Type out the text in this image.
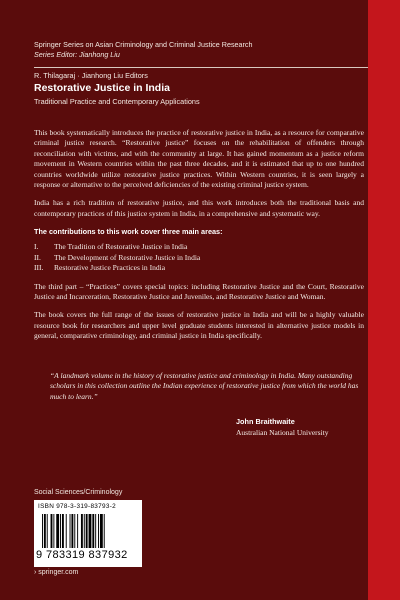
Springer Series on Asian Criminology and Criminal Justice Research
Series Editor: Jianhong Liu
R. Thilagaraj · Jianhong Liu Editors
Restorative Justice in India
Traditional Practice and Contemporary Applications

This book systematically introduces the practice of restorative justice in India, as a resource for comparative criminal justice research. “Restorative justice” focuses on the rehabilitation of offenders through reconciliation with victims, and with the community at large. It has gained momentum as a justice reform movement in Western countries within the past three decades, and it is estimated that up to one hundred countries worldwide utilize restorative justice practices. Within Western countries, it is seen largely a response or alternative to the perceived deficiencies of the existing criminal justice system.

India has a rich tradition of restorative justice, and this work introduces both the traditional basis and contemporary practices of this justice system in India, in a comprehensive and systematic way.

The contributions to this work cover three main areas:
I.	The Tradition of Restorative Justice in India
II.	The Development of Restorative Justice in India
III.	Restorative Justice Practices in India

The third part – “Practices” covers special topics: including Restorative Justice and the Court, Restorative Justice and Incarceration, Restorative Justice and Juveniles, and Restorative Justice and Woman.

The book covers the full range of the issues of restorative justice in India and will be a highly valuable resource book for researchers and upper level graduate students interested in alternative justice models in general, comparative criminology, and criminal justice in India specifically.

“A landmark volume in the history of restorative justice and criminology in India. Many outstanding scholars in this collection outline the Indian experience of restorative justice from which the world has much to learn.”
John Braithwaite
Australian National University
Social Sciences/Criminology
ISBN 978-3-319-83793-2
9 783319 837932
› springer.com
